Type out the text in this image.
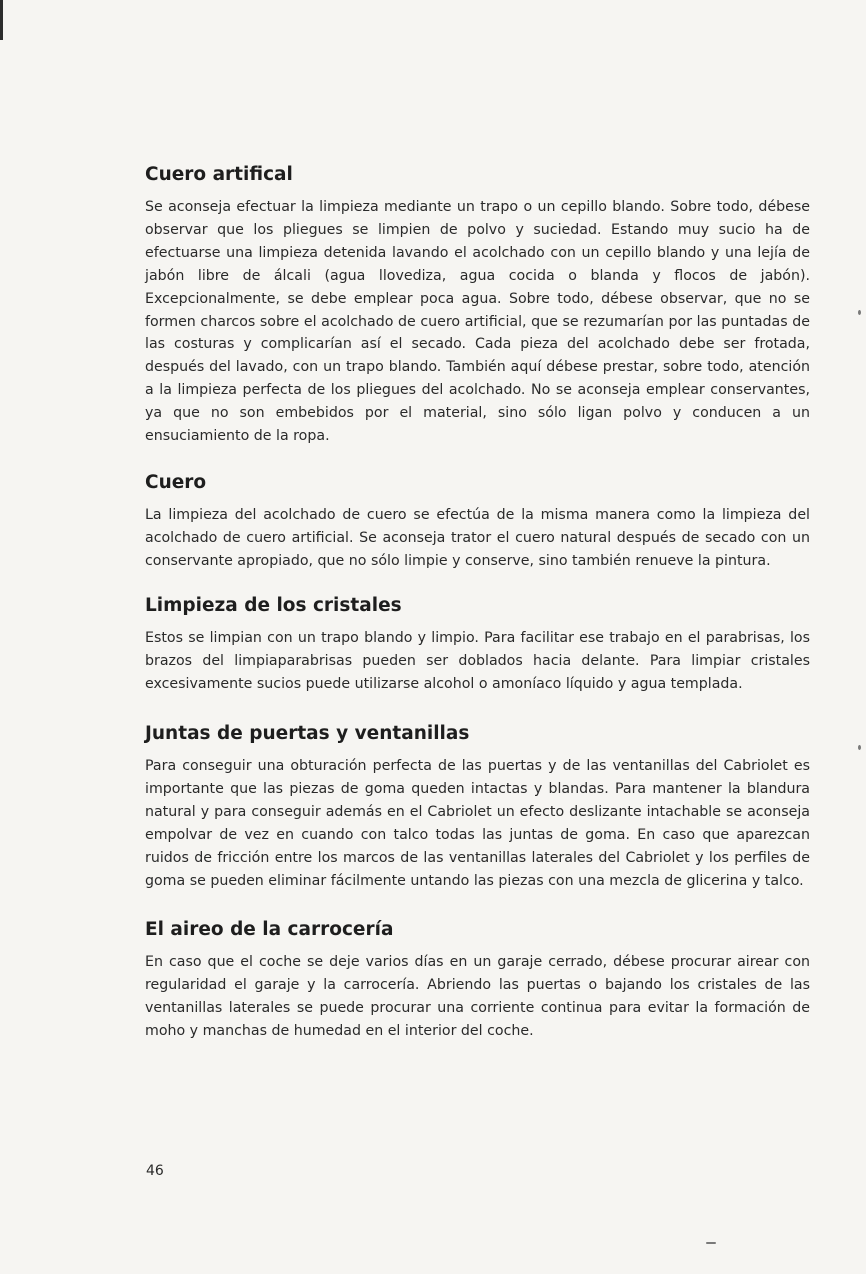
Cuero artifical

Se aconseja efectuar la limpieza mediante un trapo o un cepillo blando. Sobre todo, débese observar que los pliegues se limpien de polvo y suciedad. Estando muy sucio ha de efectuarse una limpieza detenida lavando el acolchado con un cepillo blando y una lejía de jabón libre de álcali (agua llovediza, agua cocida o blanda y flocos de jabón). Excepcionalmente, se debe emplear poca agua. Sobre todo, débese observar, que no se formen charcos sobre el acolchado de cuero artificial, que se rezumarían por las puntadas de las costuras y complicarían así el secado. Cada pieza del acolchado debe ser frotada, después del lavado, con un trapo blando. También aquí débese prestar, sobre todo, atención a la limpieza perfecta de los pliegues del acolchado. No se aconseja emplear conservantes, ya que no son embebidos por el material, sino sólo ligan polvo y conducen a un ensuciamiento de la ropa.

Cuero

La limpieza del acolchado de cuero se efectúa de la misma manera como la limpieza del acolchado de cuero artificial. Se aconseja trator el cuero natural después de secado con un conservante apropiado, que no sólo limpie y conserve, sino también renueve la pintura.

Limpieza de los cristales

Estos se limpian con un trapo blando y limpio. Para facilitar ese trabajo en el parabrisas, los brazos del limpiaparabrisas pueden ser doblados hacia delante. Para limpiar cristales excesivamente sucios puede utilizarse alcohol o amoníaco líquido y agua templada.

Juntas de puertas y ventanillas

Para conseguir una obturación perfecta de las puertas y de las ventanillas del Cabriolet es importante que las piezas de goma queden intactas y blandas. Para mantener la blandura natural y para conseguir además en el Cabriolet un efecto deslizante intachable se aconseja empolvar de vez en cuando con talco todas las juntas de goma. En caso que aparezcan ruidos de fricción entre los marcos de las ventanillas laterales del Cabriolet y los perfiles de goma se pueden eliminar fácilmente untando las piezas con una mezcla de glicerina y talco.

El aireo de la carrocería

En caso que el coche se deje varios días en un garaje cerrado, débese procurar airear con regularidad el garaje y la carrocería. Abriendo las puertas o bajando los cristales de las ventanillas laterales se puede procurar una corriente continua para evitar la formación de moho y manchas de humedad en el interior del coche.

46
